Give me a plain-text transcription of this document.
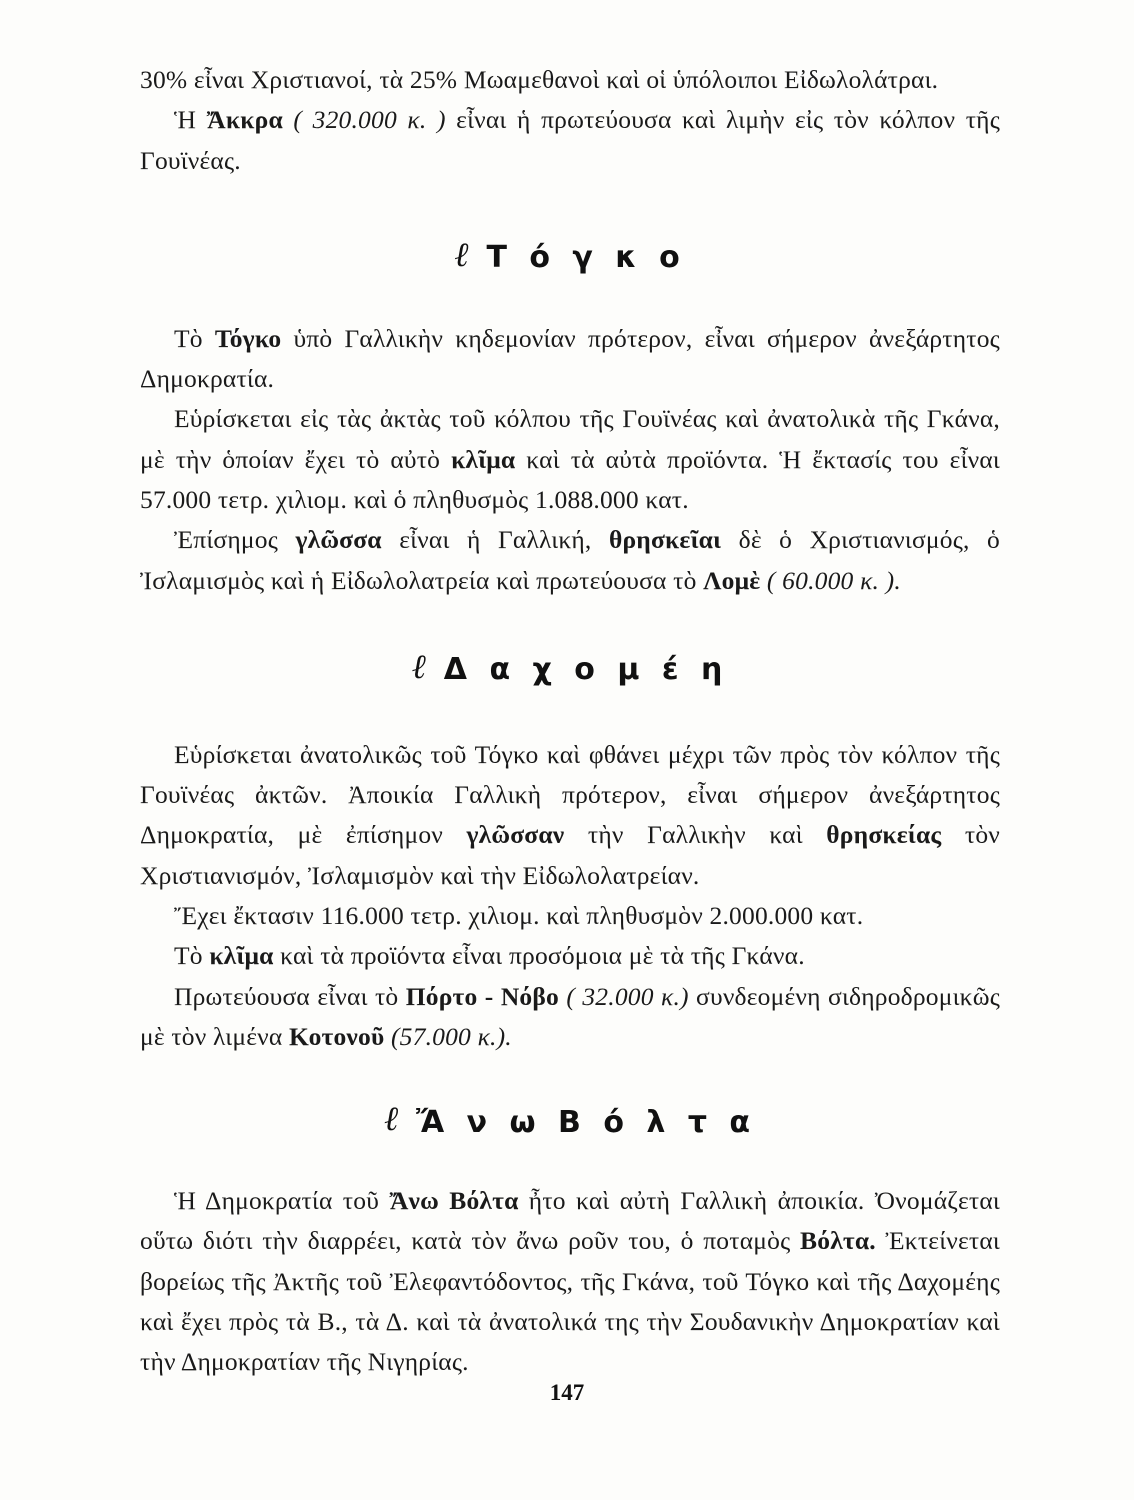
30% εἶναι Χριστιανοί, τὰ 25% Μωαμεθανοὶ καὶ οἱ ὑπόλοιποι Εἰδωλολάτραι.

Ἡ Ἄκκρα ( 320.000 κ. ) εἶναι ἡ πρωτεύουσα καὶ λιμὴν εἰς τὸν κόλπον τῆς Γουϊνέας.

ℓ Τ ό γ κ ο

Τὸ Τόγκο ὑπὸ Γαλλικὴν κηδεμονίαν πρότερον, εἶναι σήμερον ἀνεξάρτητος Δημοκρατία.

Εὑρίσκεται εἰς τὰς ἀκτὰς τοῦ κόλπου τῆς Γουϊνέας καὶ ἀνατολικὰ τῆς Γκάνα, μὲ τὴν ὁποίαν ἔχει τὸ αὐτὸ κλῖμα καὶ τὰ αὐτὰ προϊόντα. Ἡ ἔκτασίς του εἶναι 57.000 τετρ. χιλιομ. καὶ ὁ πληθυσμὸς 1.088.000 κατ.

Ἐπίσημος γλῶσσα εἶναι ἡ Γαλλική, θρησκεῖαι δὲ ὁ Χριστιανισμός, ὁ Ἰσλαμισμὸς καὶ ἡ Εἰδωλολατρεία καὶ πρωτεύουσα τὸ Λομὲ ( 60.000 κ. ).

ℓ Δ α χ ο μ έ η

Εὑρίσκεται ἀνατολικῶς τοῦ Τόγκο καὶ φθάνει μέχρι τῶν πρὸς τὸν κόλπον τῆς Γουϊνέας ἀκτῶν. Ἀποικία Γαλλικὴ πρότερον, εἶναι σήμερον ἀνεξάρτητος Δημοκρατία, μὲ ἐπίσημον γλῶσσαν τὴν Γαλλικὴν καὶ θρησκείας τὸν Χριστιανισμόν, Ἰσλαμισμὸν καὶ τὴν Εἰδωλολατρείαν.

Ἔχει ἔκτασιν 116.000 τετρ. χιλιομ. καὶ πληθυσμὸν 2.000.000 κατ.

Τὸ κλῖμα καὶ τὰ προϊόντα εἶναι προσόμοια μὲ τὰ τῆς Γκάνα.

Πρωτεύουσα εἶναι τὸ Πόρτο - Νόβο ( 32.000 κ.) συνδεομένη σιδηροδρομικῶς μὲ τὸν λιμένα Κοτονοῦ (57.000 κ.).

ℓ Ἄ ν ω Β ό λ τ α

Ἡ Δημοκρατία τοῦ Ἄνω Βόλτα ἦτο καὶ αὐτὴ Γαλλικὴ ἀποικία. Ὀνομάζεται οὕτω διότι τὴν διαρρέει, κατὰ τὸν ἄνω ροῦν του, ὁ ποταμὸς Βόλτα. Ἐκτείνεται βορείως τῆς Ἀκτῆς τοῦ Ἐλεφαντόδοντος, τῆς Γκάνα, τοῦ Τόγκο καὶ τῆς Δαχομέης καὶ ἔχει πρὸς τὰ Β., τὰ Δ. καὶ τὰ ἀνατολικά της τὴν Σουδανικὴν Δημοκρατίαν καὶ τὴν Δημοκρατίαν τῆς Νιγηρίας.

147
